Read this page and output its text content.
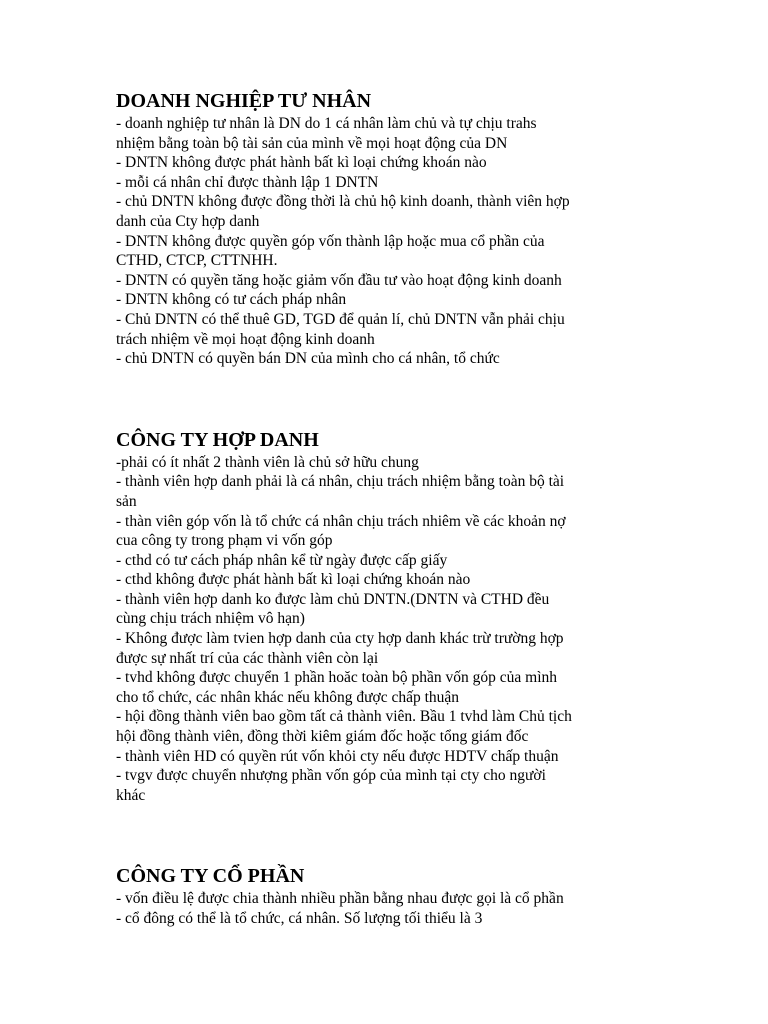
DOANH NGHIỆP TƯ NHÂN

- doanh nghiệp tư nhân là DN do 1 cá nhân làm chủ và tự chịu trahs

nhiệm bằng toàn bộ tài sản của mình về mọi hoạt động của DN

- DNTN không được phát hành bất kì loại chứng khoán nào

- mỗi cá nhân chỉ được thành lập 1 DNTN

- chủ DNTN không được đồng thời là chủ hộ kinh doanh, thành viên hợp

danh của Cty hợp danh

- DNTN không được quyền góp vốn thành lập hoặc mua cổ phần của

CTHD, CTCP, CTTNHH.

- DNTN có quyền tăng hoặc giảm vốn đầu tư vào hoạt động kinh doanh

- DNTN không có tư cách pháp nhân

- Chủ DNTN có thể thuê GD, TGD để quản lí, chủ DNTN vẫn phải chịu

trách nhiệm về mọi hoạt động kinh doanh

- chủ DNTN có quyền bán DN của mình cho cá nhân, tổ chức

CÔNG TY HỢP DANH

-phải có ít nhất 2 thành viên là chủ sở hữu chung

- thành viên hợp danh phải là cá nhân, chịu trách nhiệm bằng toàn bộ tài

sản

- thàn viên góp vốn là tổ chức cá nhân chịu trách nhiêm về các khoản nợ

cua công ty trong phạm vi vốn góp

- cthd có tư cách pháp nhân kể từ ngày được cấp giấy

- cthd không được phát hành bất kì loại chứng khoán nào

- thành viên hợp danh ko được làm chủ DNTN.(DNTN và CTHD đều

cùng chịu trách nhiệm vô hạn)

- Không được làm tvien hợp danh của cty hợp danh khác trừ trường hợp

được sự nhất trí của các thành viên còn lại

- tvhd không được chuyển 1 phần hoăc toàn bộ phần vốn góp của mình

cho tổ chức, các nhân khác nếu không được chấp thuận

- hội đồng thành viên bao gồm tất cả thành viên. Bầu 1 tvhd làm Chủ tịch

hội đồng thành viên, đồng thời kiêm giám đốc hoặc tổng giám đốc

- thành viên HD có quyền rút vốn khỏi cty nếu được HDTV chấp thuận

- tvgv được chuyển nhượng phần vốn góp của mình tại cty cho người

khác

CÔNG TY CỔ PHẦN

- vốn điều lệ được chia thành nhiều phần bằng nhau được gọi là cổ phần

- cổ đông có thể là tổ chức, cá nhân. Số lượng tối thiểu là 3
